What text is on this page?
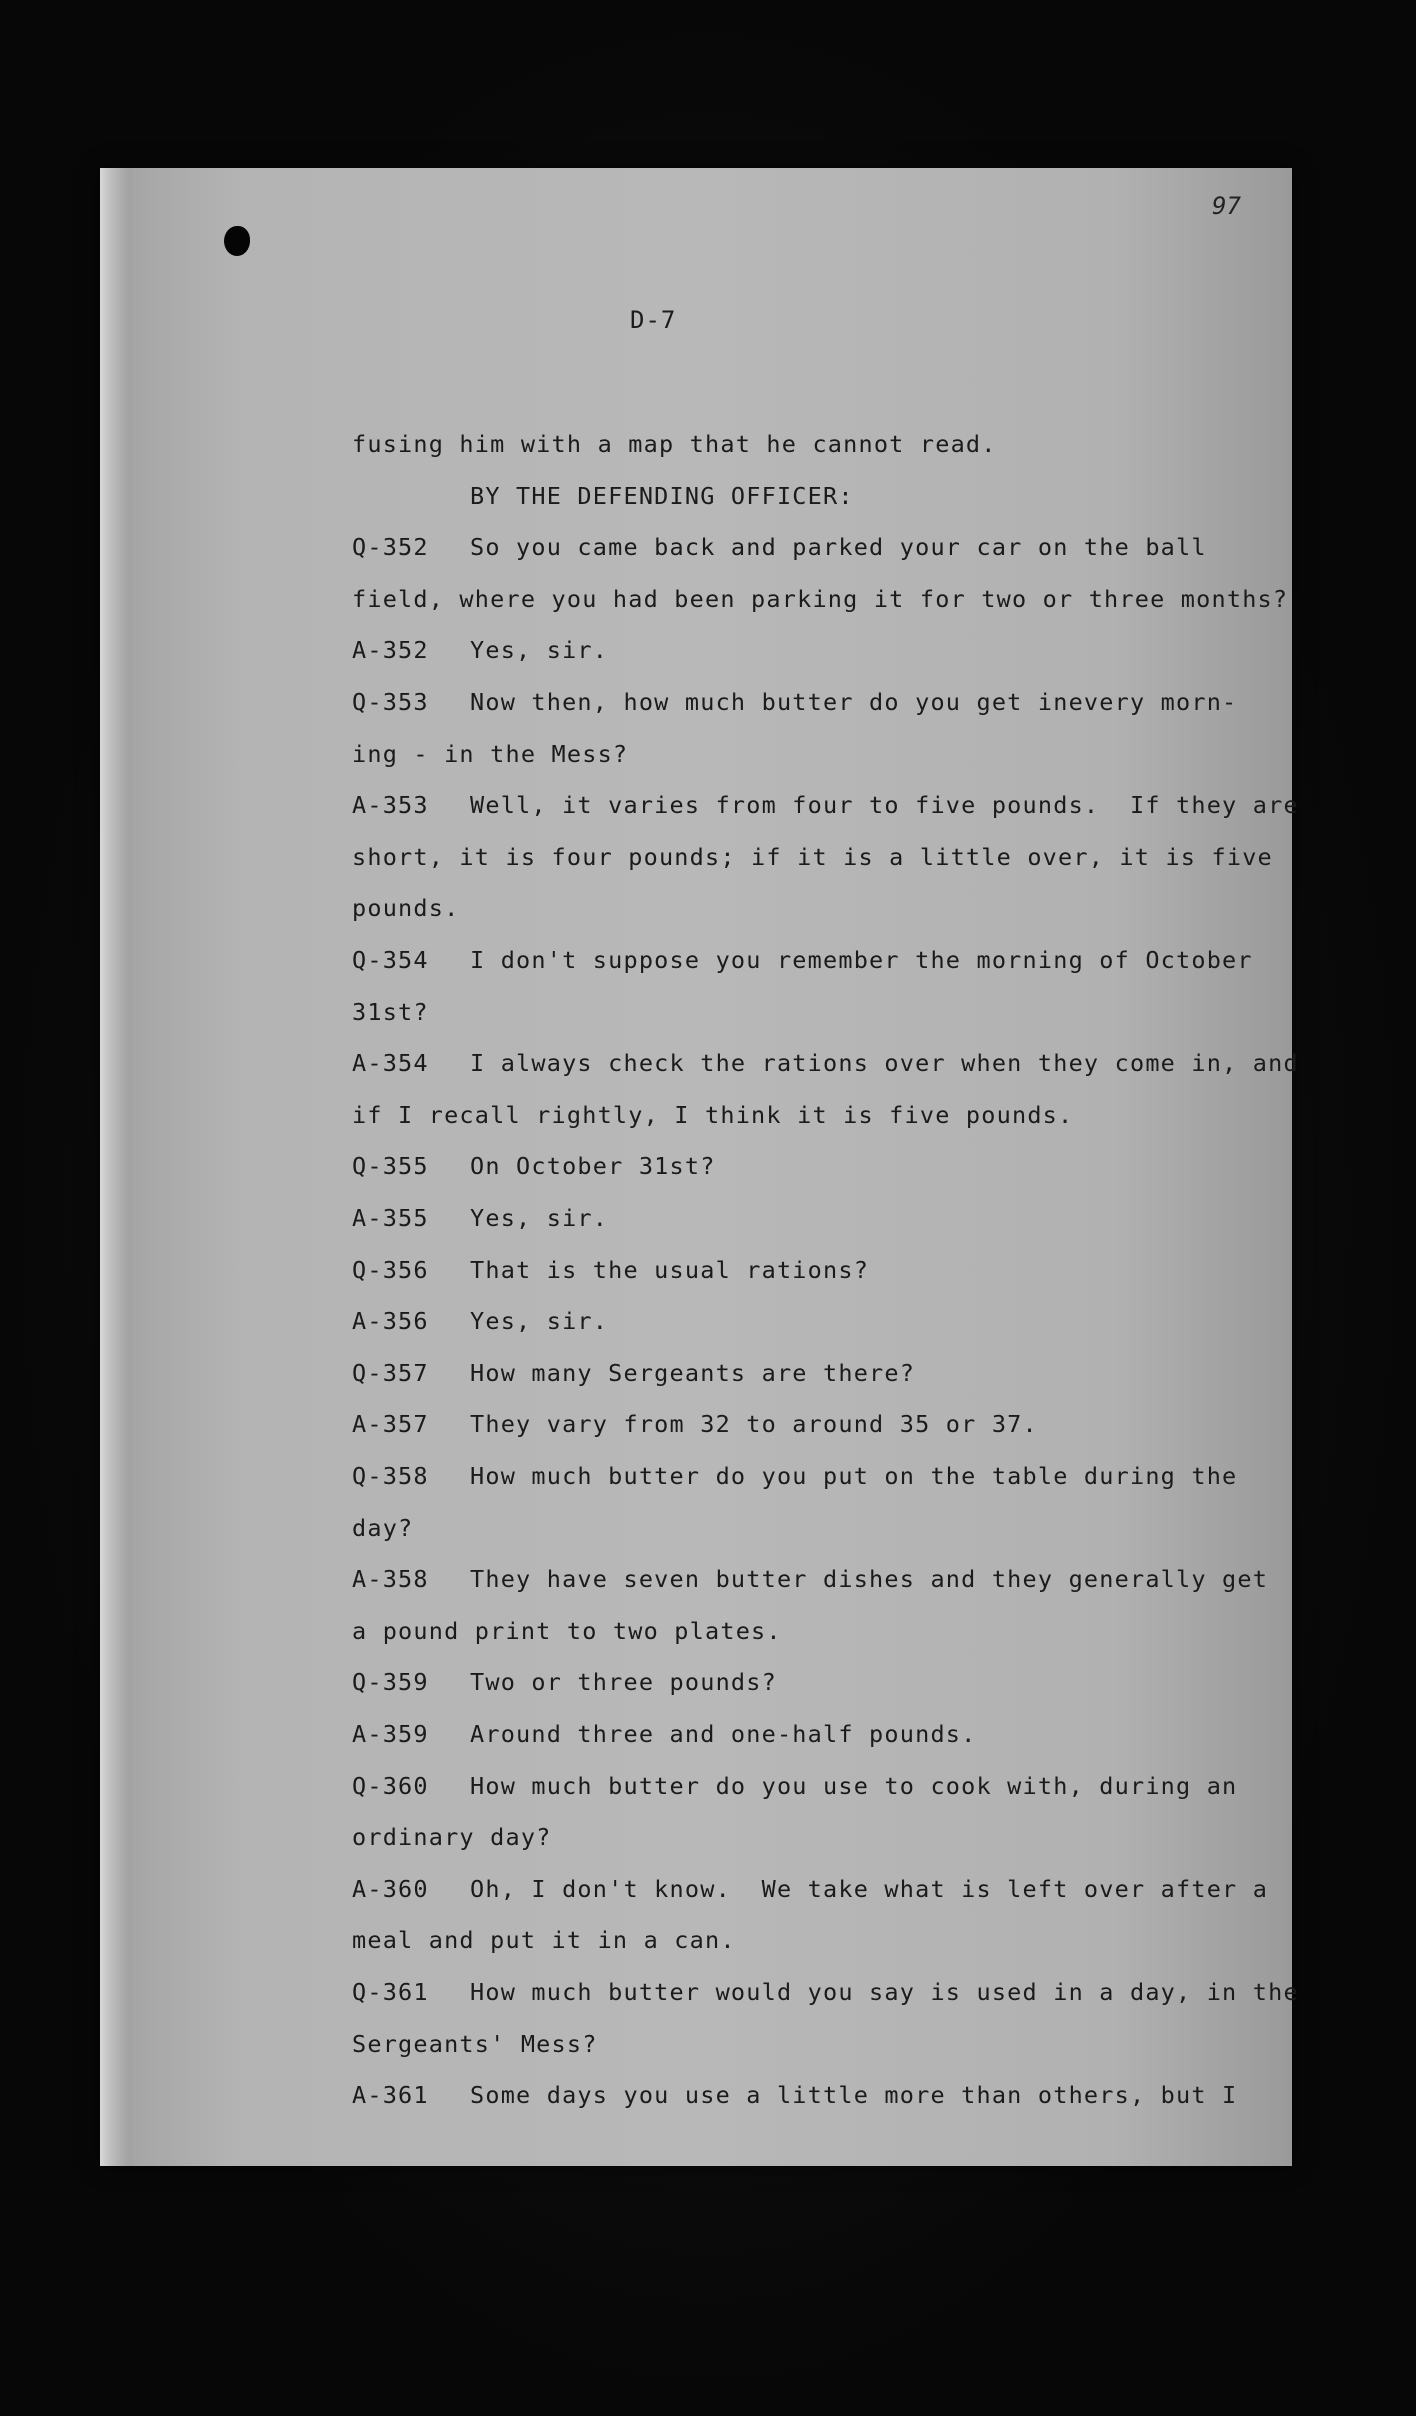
97
D-7
fusing him with a map that he cannot read.
BY THE DEFENDING OFFICER:
Q-352 So you came back and parked your car on the ball
field, where you had been parking it for two or three months?
A-352 Yes, sir.
Q-353 Now then, how much butter do you get inevery morn-
ing - in the Mess?
A-353 Well, it varies from four to five pounds.  If they are
short, it is four pounds; if it is a little over, it is five
pounds.
Q-354 I don't suppose you remember the morning of October
31st?
A-354 I always check the rations over when they come in, and
if I recall rightly, I think it is five pounds.
Q-355 On October 31st?
A-355 Yes, sir.
Q-356 That is the usual rations?
A-356 Yes, sir.
Q-357 How many Sergeants are there?
A-357 They vary from 32 to around 35 or 37.
Q-358 How much butter do you put on the table during the
day?
A-358 They have seven butter dishes and they generally get
a pound print to two plates.
Q-359 Two or three pounds?
A-359 Around three and one-half pounds.
Q-360 How much butter do you use to cook with, during an
ordinary day?
A-360 Oh, I don't know.  We take what is left over after a
meal and put it in a can.
Q-361 How much butter would you say is used in a day, in the
Sergeants' Mess?
A-361 Some days you use a little more than others, but I
